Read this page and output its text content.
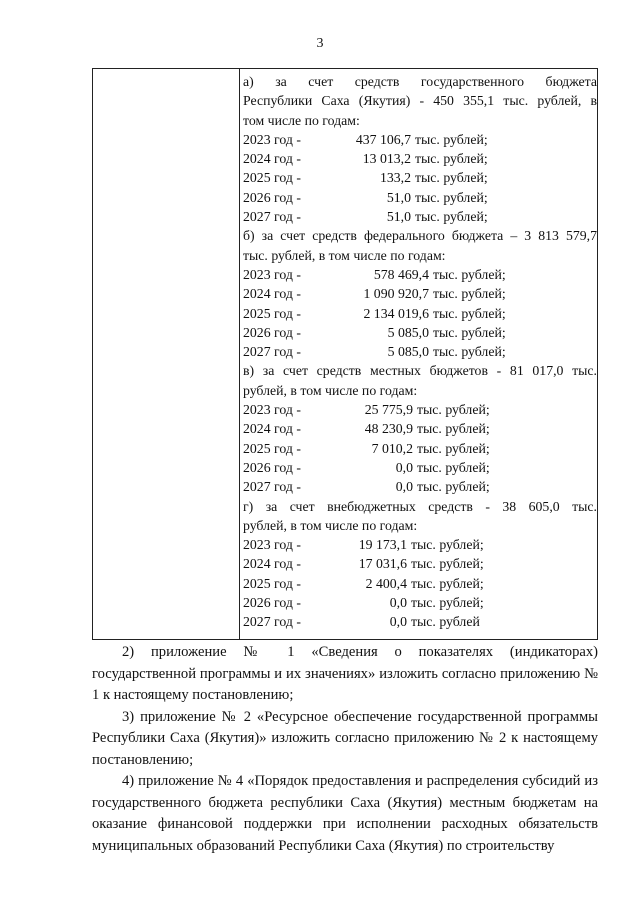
3
а) за счет средств государственного бюджета
Республики Саха (Якутия) - 450 355,1 тыс. рублей, в
том числе по годам:
2023 год -	437 106,7 тыс. рублей;
2024 год -	13 013,2 тыс. рублей;
2025 год -	133,2 тыс. рублей;
2026 год -	51,0 тыс. рублей;
2027 год -	51,0 тыс. рублей;
б) за счет средств федерального бюджета – 3 813 579,7
тыс. рублей, в том числе по годам:
2023 год -	578 469,4 тыс. рублей;
2024 год -	1 090 920,7 тыс. рублей;
2025 год -	2 134 019,6 тыс. рублей;
2026 год -	5 085,0 тыс. рублей;
2027 год -	5 085,0 тыс. рублей;
в) за счет средств местных бюджетов - 81 017,0 тыс.
рублей, в том числе по годам:
2023 год -	25 775,9 тыс. рублей;
2024 год -	48 230,9 тыс. рублей;
2025 год -	7 010,2 тыс. рублей;
2026 год -	0,0 тыс. рублей;
2027 год -	0,0 тыс. рублей;
г) за счет внебюджетных средств - 38 605,0 тыс.
рублей, в том числе по годам:
2023 год -	19 173,1 тыс. рублей;
2024 год -	17 031,6 тыс. рублей;
2025 год -	2 400,4 тыс. рублей;
2026 год -	0,0 тыс. рублей;
2027 год -	0,0 тыс. рублей

2) приложение № 1 «Сведения о показателях (индикаторах) государственной программы и их значениях» изложить согласно приложению № 1 к настоящему постановлению;

3) приложение № 2 «Ресурсное обеспечение государственной программы Республики Саха (Якутия)» изложить согласно приложению № 2 к настоящему постановлению;

4) приложение № 4 «Порядок предоставления и распределения субсидий из государственного бюджета республики Саха (Якутия) местным бюджетам на оказание финансовой поддержки при исполнении расходных обязательств муниципальных образований Республики Саха (Якутия) по строительству
